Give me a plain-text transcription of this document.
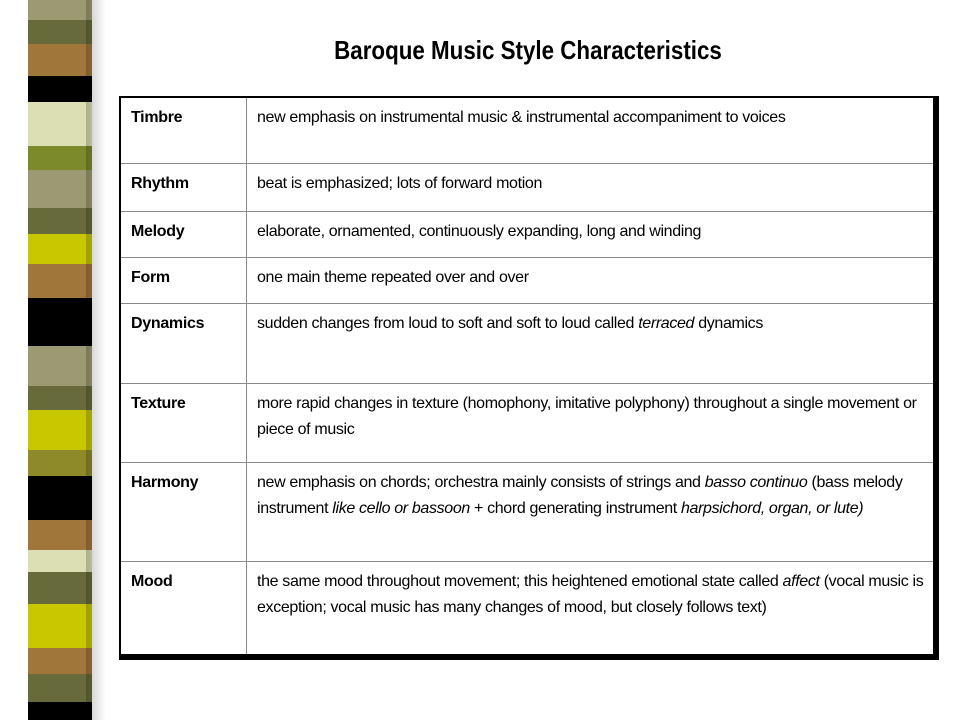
Baroque Music Style Characteristics
Timbre	new emphasis on instrumental music & instrumental accompaniment to voices
Rhythm	beat is emphasized; lots of forward motion
Melody	elaborate, ornamented, continuously expanding, long and winding
Form	one main theme repeated over and over
Dynamics	sudden changes from loud to soft and soft to loud called terraced dynamics
Texture	more rapid changes in texture (homophony, imitative polyphony) throughout a single movement or piece of music
Harmony	new emphasis on chords; orchestra mainly consists of strings and basso continuo (bass melody instrument like cello or bassoon + chord generating instrument harpsichord, organ, or lute)
Mood	the same mood throughout movement; this heightened emotional state called affect (vocal music is exception; vocal music has many changes of mood, but closely follows text)
